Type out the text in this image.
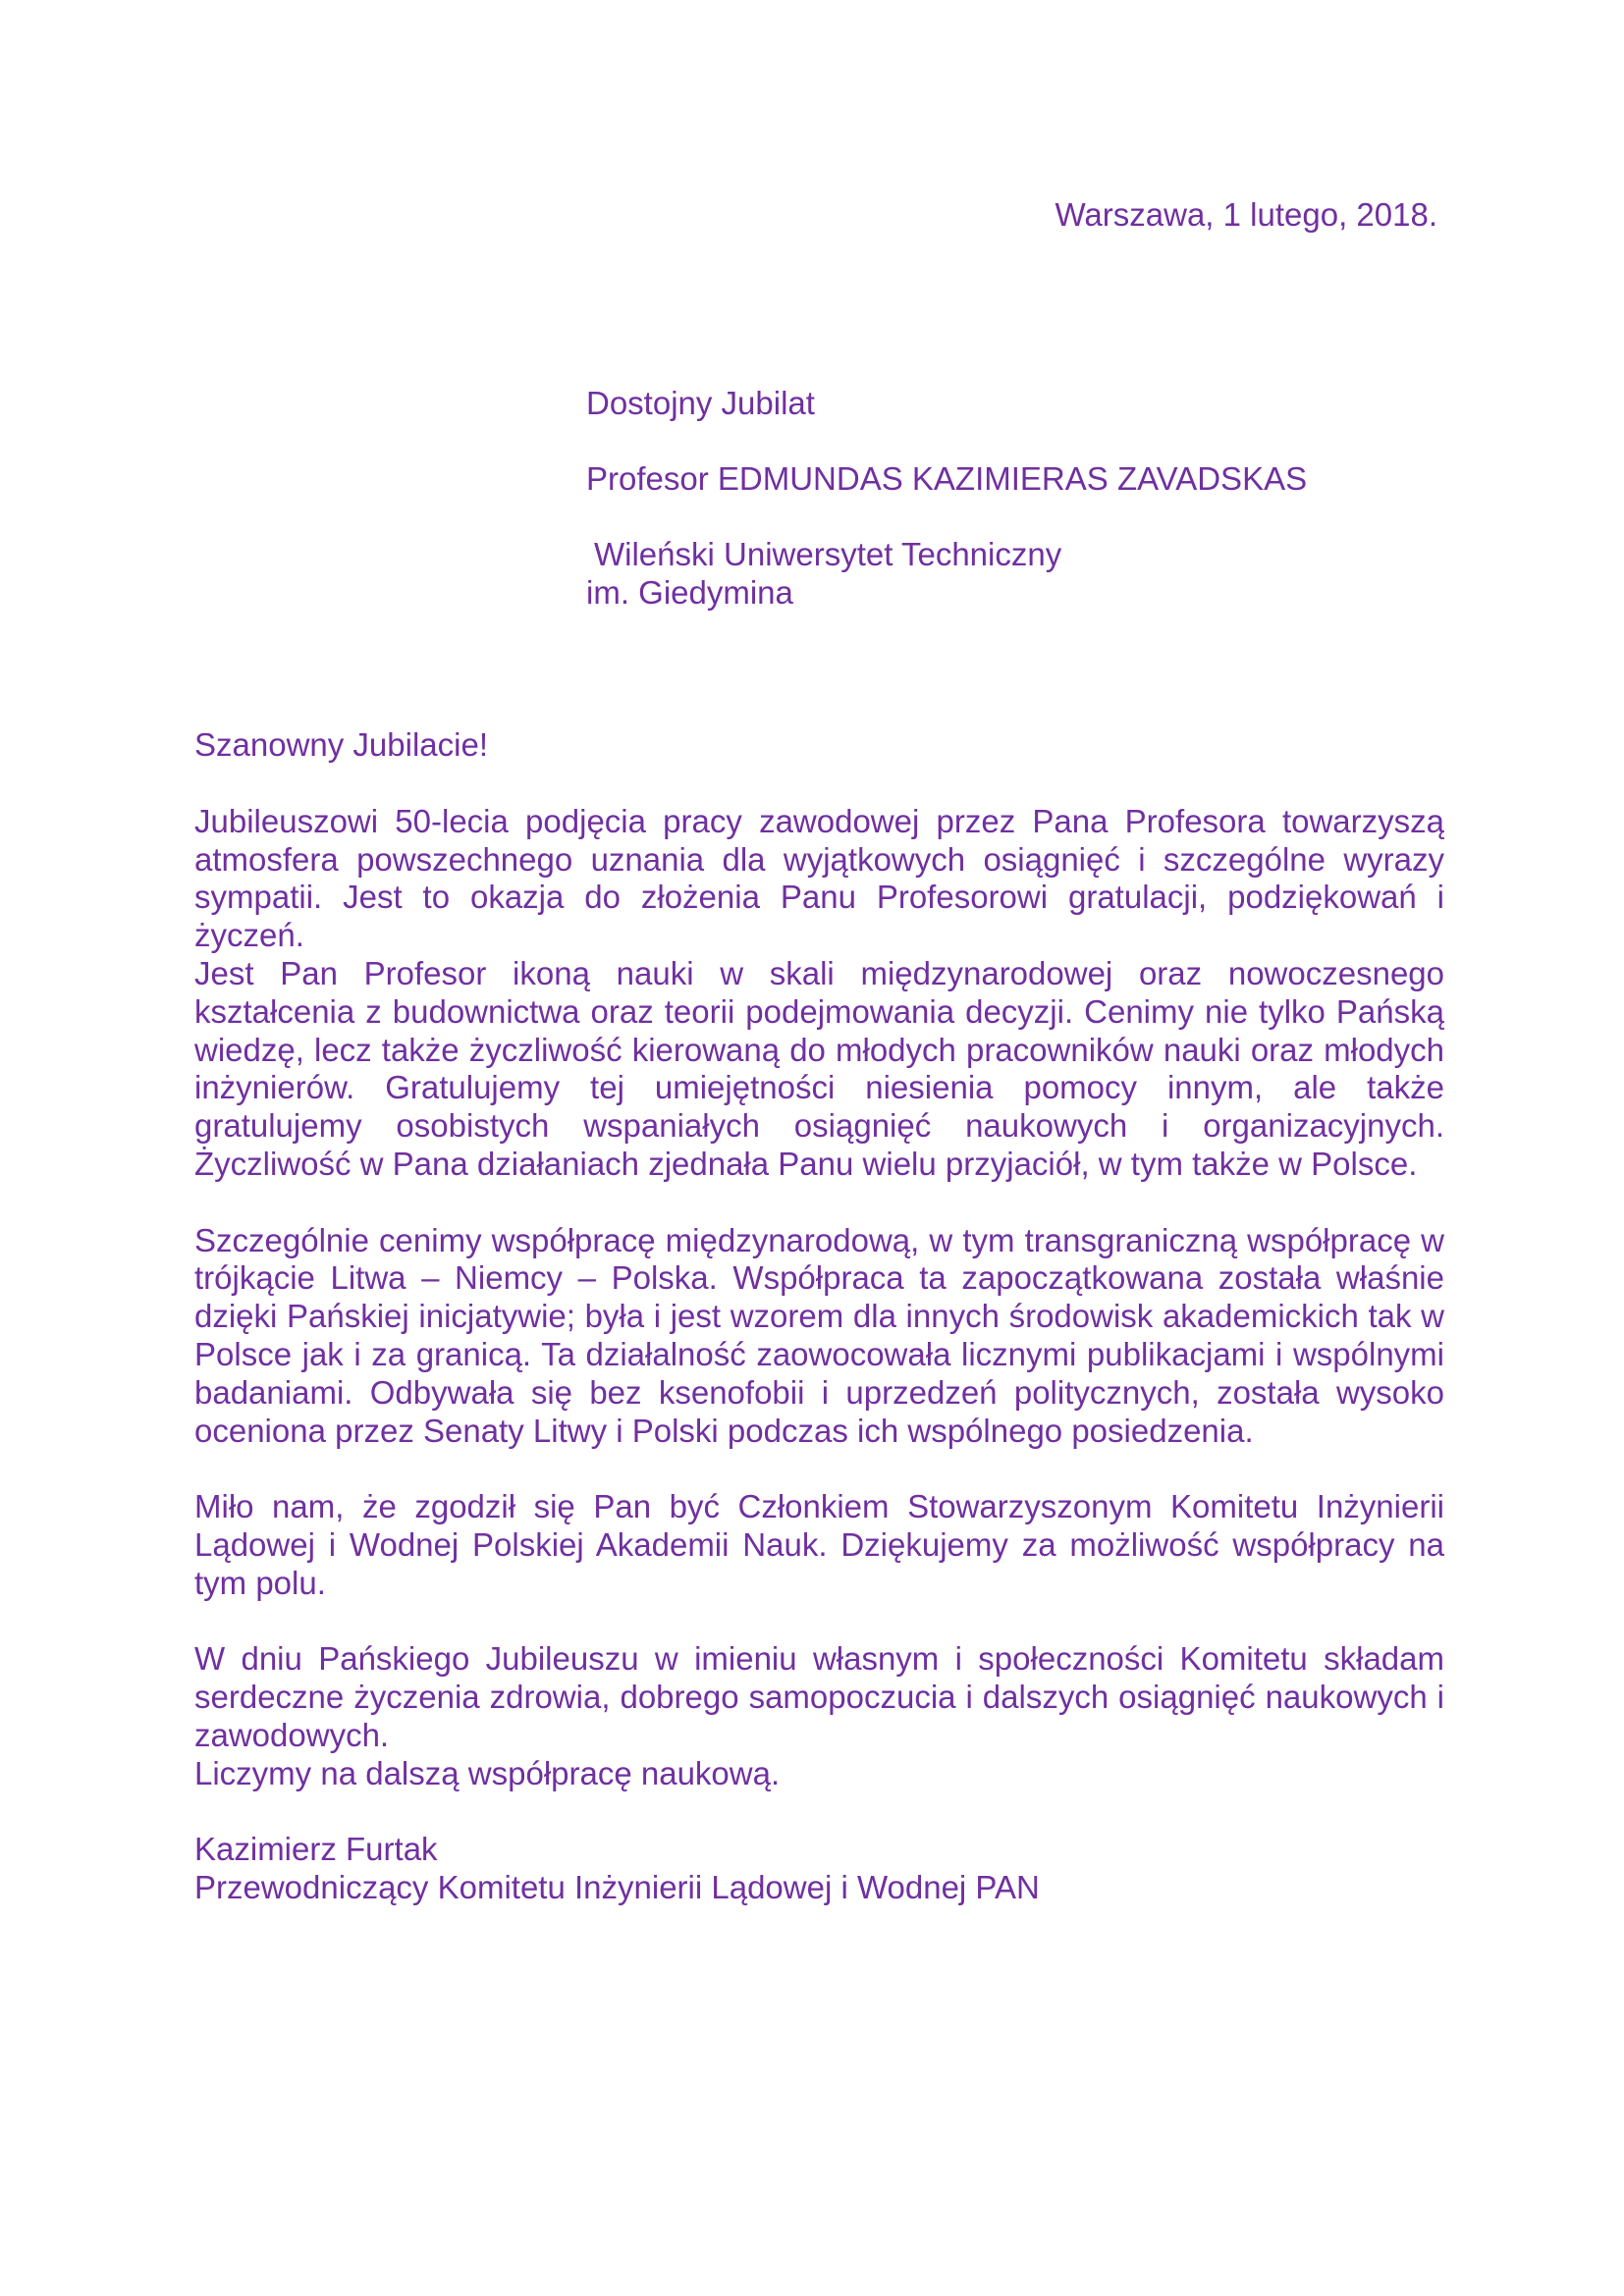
Warszawa, 1 lutego, 2018.
Dostojny Jubilat
Profesor EDMUNDAS KAZIMIERAS ZAVADSKAS
Wileński Uniwersytet Techniczny
im. Giedymina

Szanowny Jubilacie!

Jubileuszowi 50-lecia podjęcia pracy zawodowej przez Pana Profesora towarzyszą atmosfera powszechnego uznania dla wyjątkowych osiągnięć i szczególne wyrazy sympatii. Jest to okazja do złożenia Panu Profesorowi gratulacji, podziękowań i życzeń.

Jest Pan Profesor ikoną nauki w skali międzynarodowej oraz nowoczesnego kształcenia z budownictwa oraz teorii podejmowania decyzji. Cenimy nie tylko Pańską wiedzę, lecz także życzliwość kierowaną do młodych pracowników nauki oraz młodych inżynierów. Gratulujemy tej umiejętności niesienia pomocy innym, ale także gratulujemy osobistych wspaniałych osiągnięć naukowych i organizacyjnych. Życzliwość w Pana działaniach zjednała Panu wielu przyjaciół, w tym także w Polsce.

Szczególnie cenimy współpracę międzynarodową, w tym transgraniczną współpracę w trójkącie Litwa – Niemcy – Polska. Współpraca ta zapoczątkowana została właśnie dzięki Pańskiej inicjatywie; była i jest wzorem dla innych środowisk akademickich tak w Polsce jak i za granicą. Ta działalność zaowocowała licznymi publikacjami i wspólnymi badaniami. Odbywała się bez ksenofobii i uprzedzeń politycznych, została wysoko oceniona przez Senaty Litwy i Polski podczas ich wspólnego posiedzenia.

Miło nam, że zgodził się Pan być Członkiem Stowarzyszonym Komitetu Inżynierii Lądowej i Wodnej Polskiej Akademii Nauk. Dziękujemy za możliwość współpracy na tym polu.

W dniu Pańskiego Jubileuszu w imieniu własnym i społeczności Komitetu składam serdeczne życzenia zdrowia, dobrego samopoczucia i dalszych osiągnięć naukowych i zawodowych.

Liczymy na dalszą współpracę naukową.

Kazimierz Furtak
Przewodniczący Komitetu Inżynierii Lądowej i Wodnej PAN
